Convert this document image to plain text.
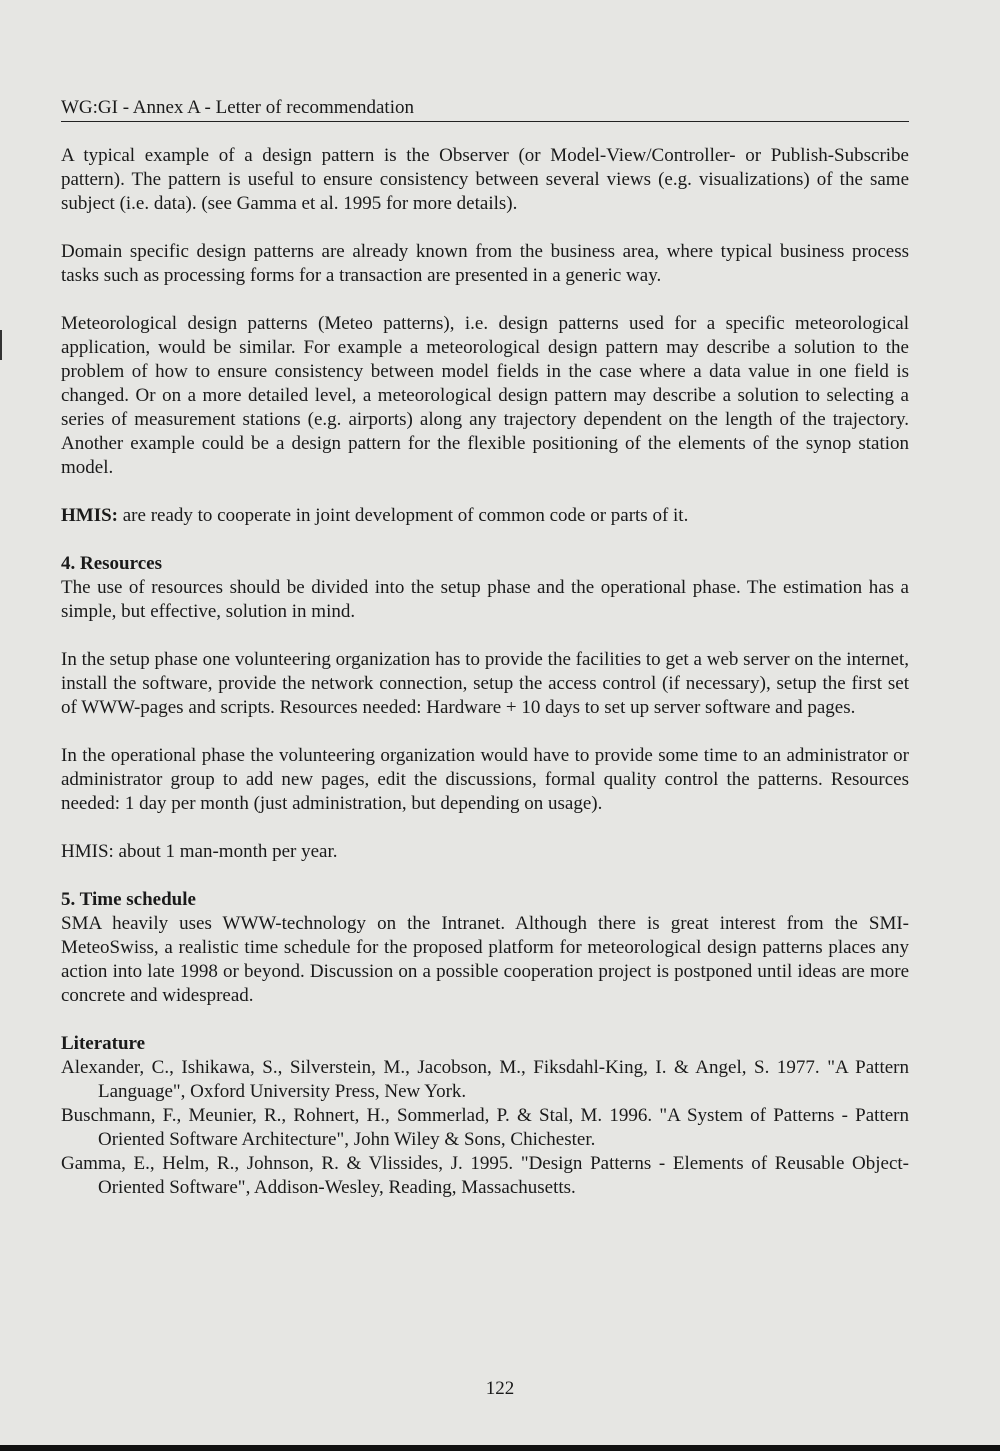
WG:GI - Annex A - Letter of recommendation

A typical example of a design pattern is the Observer (or Model-View/Controller- or Publish-Subscribe pattern). The pattern is useful to ensure consistency between several views (e.g. visualizations) of the same subject (i.e. data). (see Gamma et al. 1995 for more details).

Domain specific design patterns are already known from the business area, where typical business process tasks such as processing forms for a transaction are presented in a generic way.

Meteorological design patterns (Meteo patterns), i.e. design patterns used for a specific meteorological application, would be similar. For example a meteorological design pattern may describe a solution to the problem of how to ensure consistency between model fields in the case where a data value in one field is changed. Or on a more detailed level, a meteorological design pattern may describe a solution to selecting a series of measurement stations (e.g. airports) along any trajectory dependent on the length of the trajectory. Another example could be a design pattern for the flexible positioning of the elements of the synop station model.

HMIS: are ready to cooperate in joint development of common code or parts of it.

4. Resources

The use of resources should be divided into the setup phase and the operational phase. The estimation has a simple, but effective, solution in mind.

In the setup phase one volunteering organization has to provide the facilities to get a web server on the internet, install the software, provide the network connection, setup the access control (if necessary), setup the first set of WWW-pages and scripts. Resources needed: Hardware + 10 days to set up server software and pages.

In the operational phase the volunteering organization would have to provide some time to an administrator or administrator group to add new pages, edit the discussions, formal quality control the patterns. Resources needed: 1 day per month (just administration, but depending on usage).

HMIS: about 1 man-month per year.

5. Time schedule

SMA heavily uses WWW-technology on the Intranet. Although there is great interest from the SMI-MeteoSwiss, a realistic time schedule for the proposed platform for meteorological design patterns places any action into late 1998 or beyond. Discussion on a possible cooperation project is postponed until ideas are more concrete and widespread.

Literature
Alexander, C., Ishikawa, S., Silverstein, M., Jacobson, M., Fiksdahl-King, I. & Angel, S. 1977. "A Pattern Language", Oxford University Press, New York.
Buschmann, F., Meunier, R., Rohnert, H., Sommerlad, P. & Stal, M. 1996. "A System of Patterns - Pattern Oriented Software Architecture", John Wiley & Sons, Chichester.
Gamma, E., Helm, R., Johnson, R. & Vlissides, J. 1995. "Design Patterns - Elements of Reusable Object-Oriented Software", Addison-Wesley, Reading, Massachusetts.
122
